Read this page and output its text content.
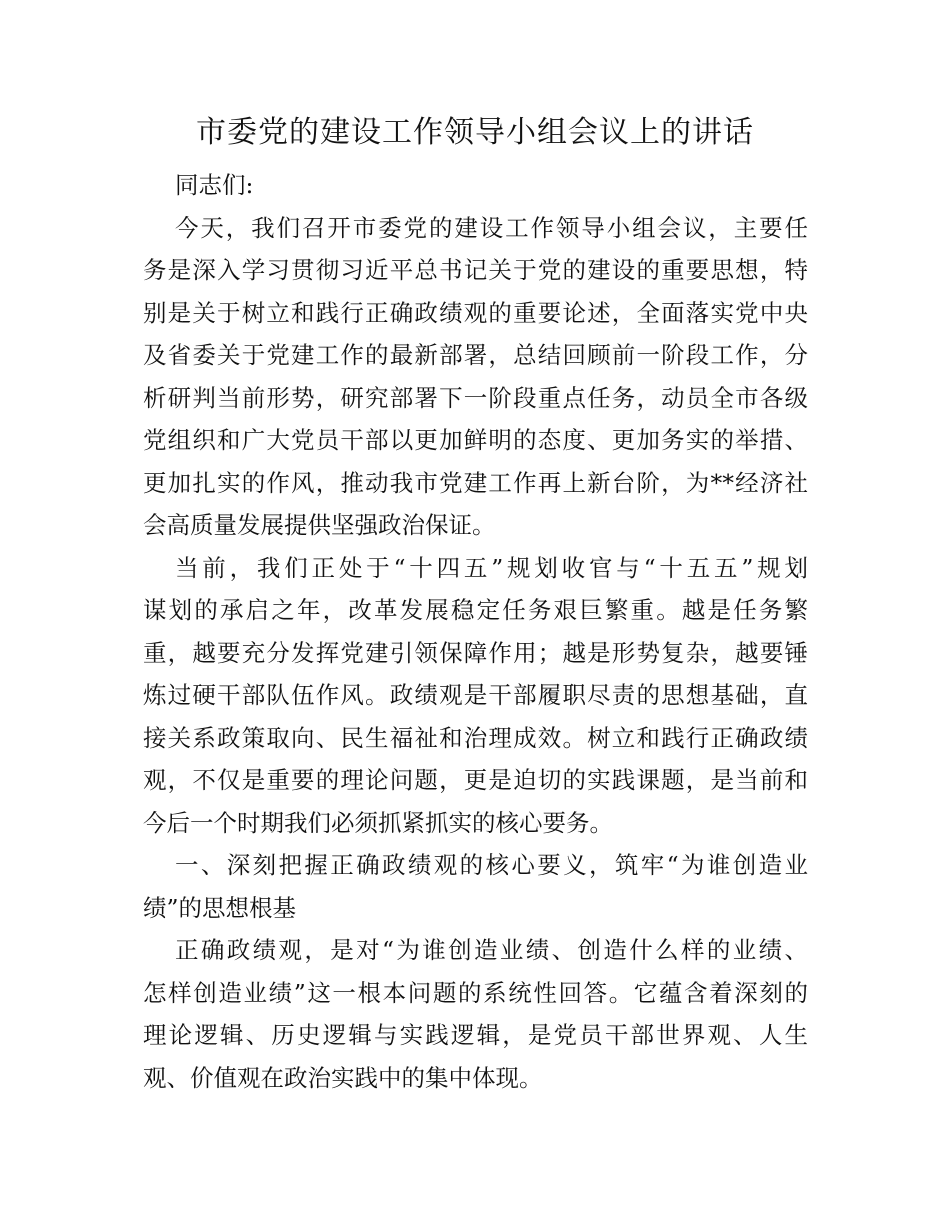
市委党的建设工作领导小组会议上的讲话
同志们:
今天，我们召开市委党的建设工作领导小组会议，主要任
务是深入学习贯彻习近平总书记关于党的建设的重要思想，特
别是关于树立和践行正确政绩观的重要论述，全面落实党中央
及省委关于党建工作的最新部署，总结回顾前一阶段工作，分
析研判当前形势，研究部署下一阶段重点任务，动员全市各级
党组织和广大党员干部以更加鲜明的态度、更加务实的举措、
更加扎实的作风，推动我市党建工作再上新台阶，为**经济社
会高质量发展提供坚强政治保证。
当前，我们正处于“十四五”规划收官与“十五五”规划
谋划的承启之年，改革发展稳定任务艰巨繁重。越是任务繁
重，越要充分发挥党建引领保障作用；越是形势复杂，越要锤
炼过硬干部队伍作风。政绩观是干部履职尽责的思想基础，直
接关系政策取向、民生福祉和治理成效。树立和践行正确政绩
观，不仅是重要的理论问题，更是迫切的实践课题，是当前和
今后一个时期我们必须抓紧抓实的核心要务。
一、深刻把握正确政绩观的核心要义，筑牢“为谁创造业
绩”的思想根基
正确政绩观，是对“为谁创造业绩、创造什么样的业绩、
怎样创造业绩”这一根本问题的系统性回答。它蕴含着深刻的
理论逻辑、历史逻辑与实践逻辑，是党员干部世界观、人生
观、价值观在政治实践中的集中体现。
